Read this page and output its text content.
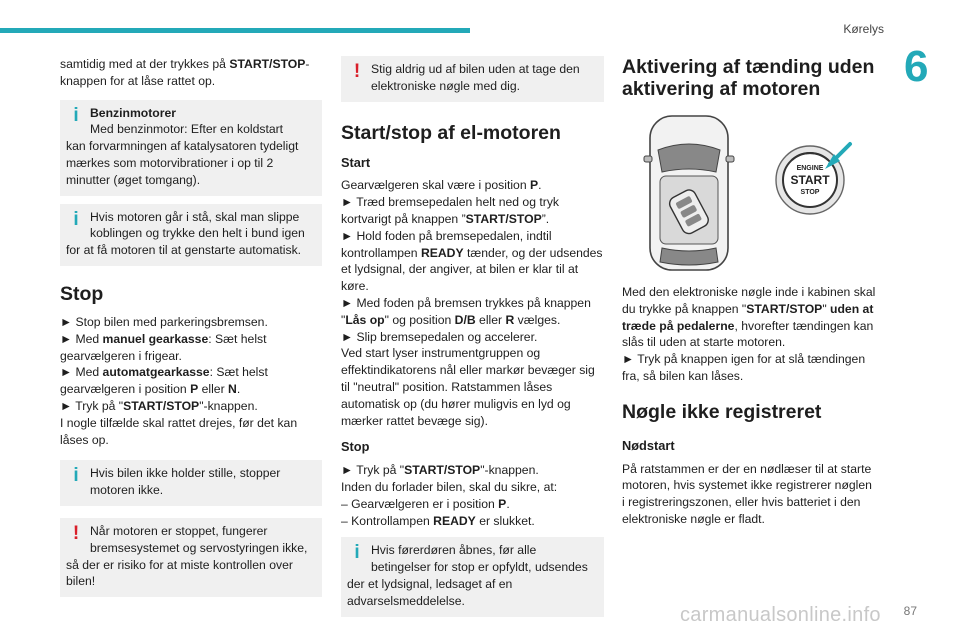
Kørelys
6

samtidig med at der trykkes på START/STOP-knappen for at låse rattet op.

i Benzinmotorer
Med benzinmotor: Efter en koldstart
kan forvarmningen af katalysatoren tydeligt mærkes som motorvibrationer i op til 2 minutter (øget tomgang).
i Hvis motoren går i stå, skal man slippe
koblingen og trykke den helt i bund igen
for at få motoren til at genstarte automatisk.
Stop

► Stop bilen med parkeringsbremsen.

► Med manuel gearkasse: Sæt helst gearvælgeren i frigear.

► Med automatgearkasse: Sæt helst gearvælgeren i position P eller N.

► Tryk på "START/STOP"-knappen.

I nogle tilfælde skal rattet drejes, før det kan låses op.

i Hvis bilen ikke holder stille, stopper
motoren ikke.
! Når motoren er stoppet, fungerer
bremsesystemet og servostyringen ikke,
så der er risiko for at miste kontrollen over bilen!
! Stig aldrig ud af bilen uden at tage den
elektroniske nøgle med dig.
Start/stop af el-motoren
Start

Gearvælgeren skal være i position P.

► Træd bremsepedalen helt ned og tryk kortvarigt på knappen ”START/STOP”.

► Hold foden på bremsepedalen, indtil kontrollampen READY tænder, og der udsendes et lydsignal, der angiver, at bilen er klar til at køre.

► Med foden på bremsen trykkes på knappen "Lås op" og position D/B eller R vælges.

► Slip bremsepedalen og accelerer.

Ved start lyser instrumentgruppen og effektindikatorens nål eller markør bevæger sig til "neutral" position. Ratstammen låses automatisk op (du hører muligvis en lyd og mærker rattet bevæge sig).

Stop

► Tryk på "START/STOP"-knappen.

Inden du forlader bilen, skal du sikre, at:

– Gearvælgeren er i position P.

– Kontrollampen READY er slukket.

i Hvis førerdøren åbnes, før alle
betingelser for stop er opfyldt, udsendes
der et lydsignal, ledsaget af en advarselsmeddelelse.
Aktivering af tænding uden aktivering af motoren
ENGINE
START
STOP

Med den elektroniske nøgle inde i kabinen skal du trykke på knappen "START/STOP" uden at træde på pedalerne, hvorefter tændingen kan slås til uden at starte motoren.

► Tryk på knappen igen for at slå tændingen fra, så bilen kan låses.

Nøgle ikke registreret
Nødstart

På ratstammen er der en nødlæser til at starte motoren, hvis systemet ikke registrerer nøglen i registreringszonen, eller hvis batteriet i den elektroniske nøgle er fladt.

carmanualsonline.info 87
